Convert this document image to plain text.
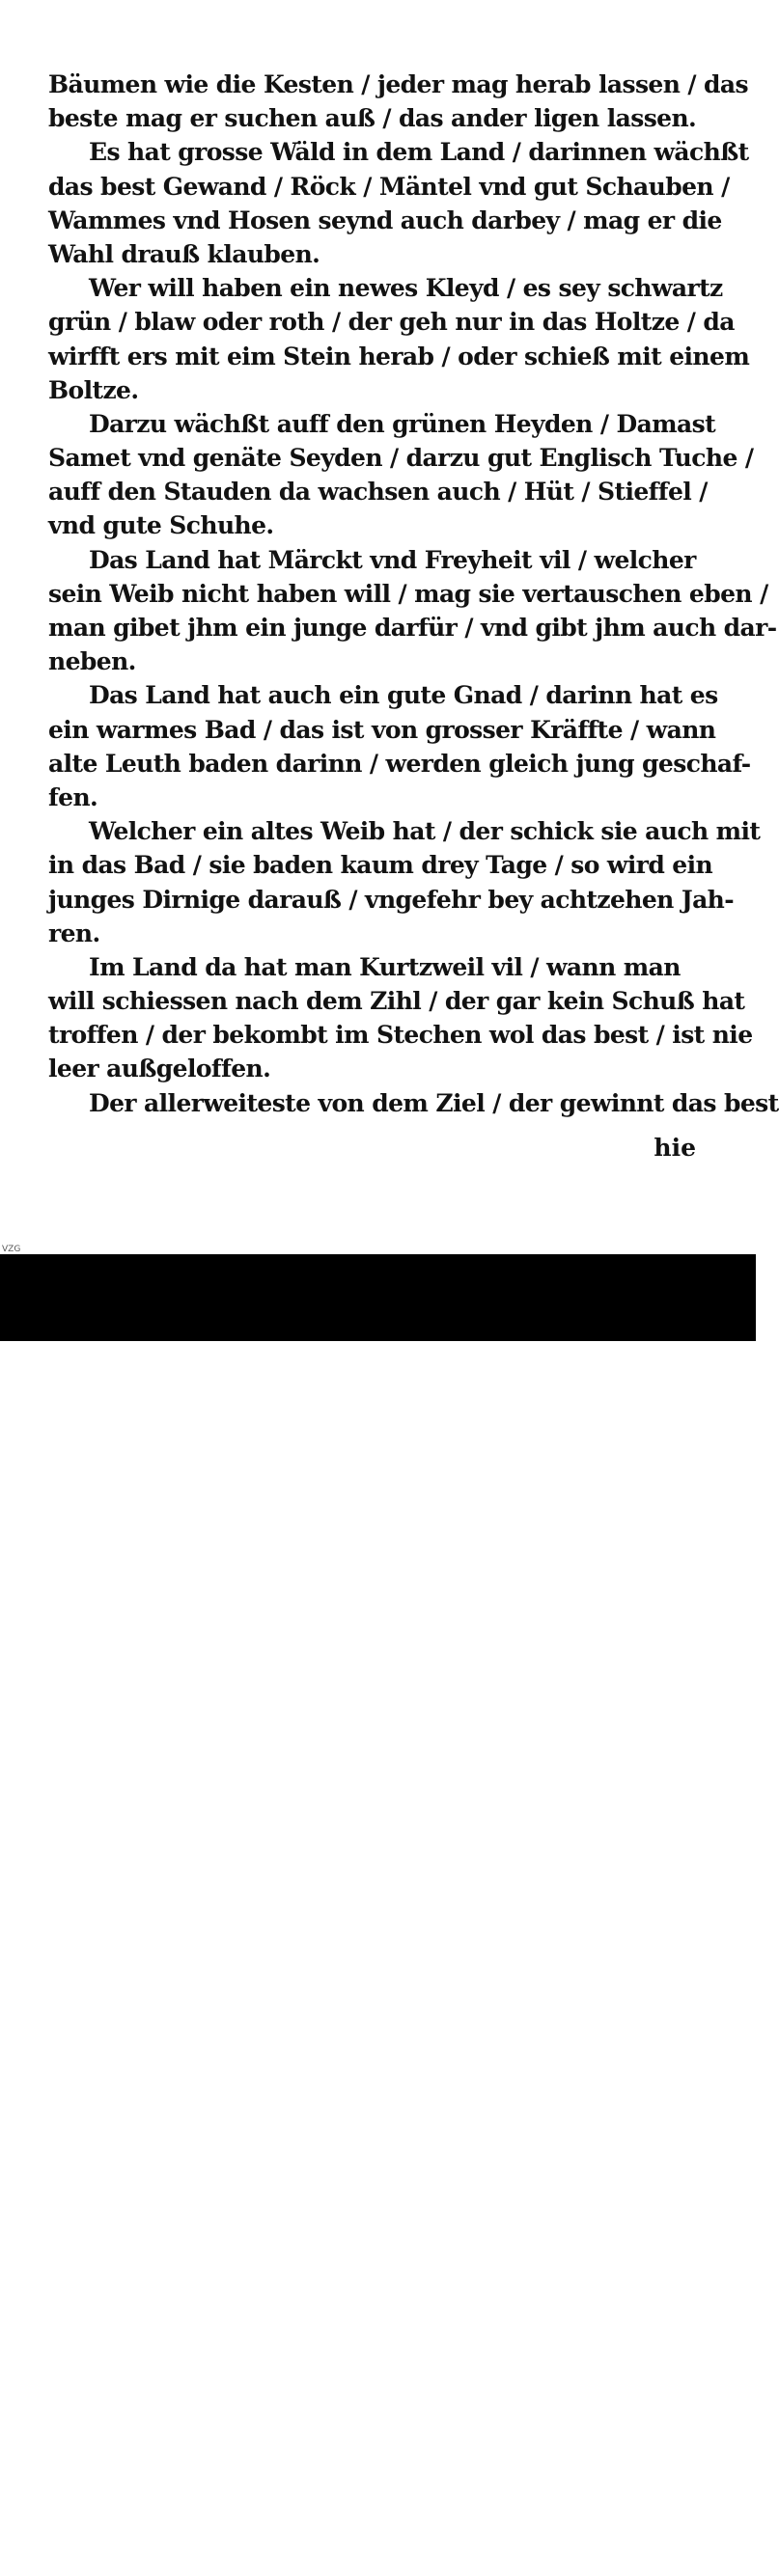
Bäumen wie die Kesten / jeder mag herab lassen / das
beste mag er suchen auß / das ander ligen lassen.
Es hat grosse Wäld in dem Land / darinnen wächßt
das best Gewand / Röck / Mäntel vnd gut Schauben /
Wammes vnd Hosen seynd auch darbey / mag er die
Wahl drauß klauben.
Wer will haben ein newes Kleyd / es sey schwartz
grün / blaw oder roth / der geh nur in das Holtze / da
wirfft ers mit eim Stein herab / oder schieß mit einem
Boltze.
Darzu wächßt auff den grünen Heyden / Damast
Samet vnd genäte Seyden / darzu gut Englisch Tuche /
auff den Stauden da wachsen auch / Hüt / Stieffel /
vnd gute Schuhe.
Das Land hat Märckt vnd Freyheit vil / welcher
sein Weib nicht haben will / mag sie vertauschen eben /
man gibet jhm ein junge darfür / vnd gibt jhm auch dar-
neben.
Das Land hat auch ein gute Gnad / darinn hat es
ein warmes Bad / das ist von grosser Kräffte / wann
alte Leuth baden darinn / werden gleich jung geschaf-
fen.
Welcher ein altes Weib hat / der schick sie auch mit
in das Bad / sie baden kaum drey Tage / so wird ein
junges Dirnige darauß / vngefehr bey achtzehen Jah-
ren.
Im Land da hat man Kurtzweil vil / wann man
will schiessen nach dem Zihl / der gar kein Schuß hat
troffen / der bekombt im Stechen wol das best / ist nie
leer außgeloffen.
Der allerweiteste von dem Ziel / der gewinnt das best
hie
VZG
alamy	J7RRGX
www.alamy.com
